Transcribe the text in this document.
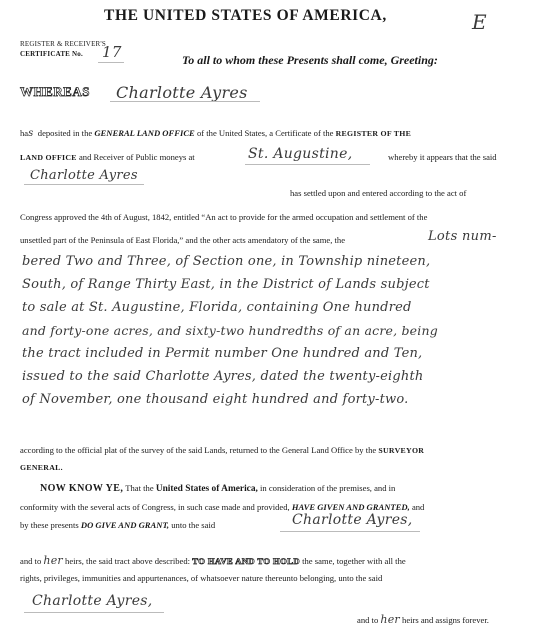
THE UNITED STATES OF AMERICA,	E
REGISTER & RECEIVER'S
CERTIFICATE No. 17	To all to whom these Presents shall come, Greeting:
WHEREAS Charlotte Ayres
has deposited in the GENERAL LAND OFFICE of the United States, a Certificate of the REGISTER OF THE
LAND OFFICE and Receiver of Public moneys at	St. Augustine,	whereby it appears that the said
Charlotte Ayres
has settled upon and entered according to the act of
Congress approved the 4th of August, 1842, entitled “An act to provide for the armed occupation and settlement of the
unsettled part of the Peninsula of East Florida,” and the other acts amendatory of the same, the	Lots num-
bered Two and Three, of Section one, in Township nineteen,
South, of Range Thirty East, in the District of Lands subject
to sale at St. Augustine, Florida, containing One hundred
and forty-one acres, and sixty-two hundredths of an acre, being
the tract included in Permit number One hundred and Ten,
issued to the said Charlotte Ayres, dated the twenty-eighth
of November, one thousand eight hundred and forty-two.
according to the official plat of the survey of the said Lands, returned to the General Land Office by the SURVEYOR
GENERAL.
NOW KNOW YE, That the United States of America, in consideration of the premises, and in
conformity with the several acts of Congress, in such case made and provided, HAVE GIVEN AND GRANTED, and
by these presents DO GIVE AND GRANT, unto the said	Charlotte Ayres,
and to her heirs, the said tract above described: TO HAVE AND TO HOLD the same, together with all the
rights, privileges, immunities and appurtenances, of whatsoever nature thereunto belonging, unto the said
Charlotte Ayres,
and to her heirs and assigns forever.
